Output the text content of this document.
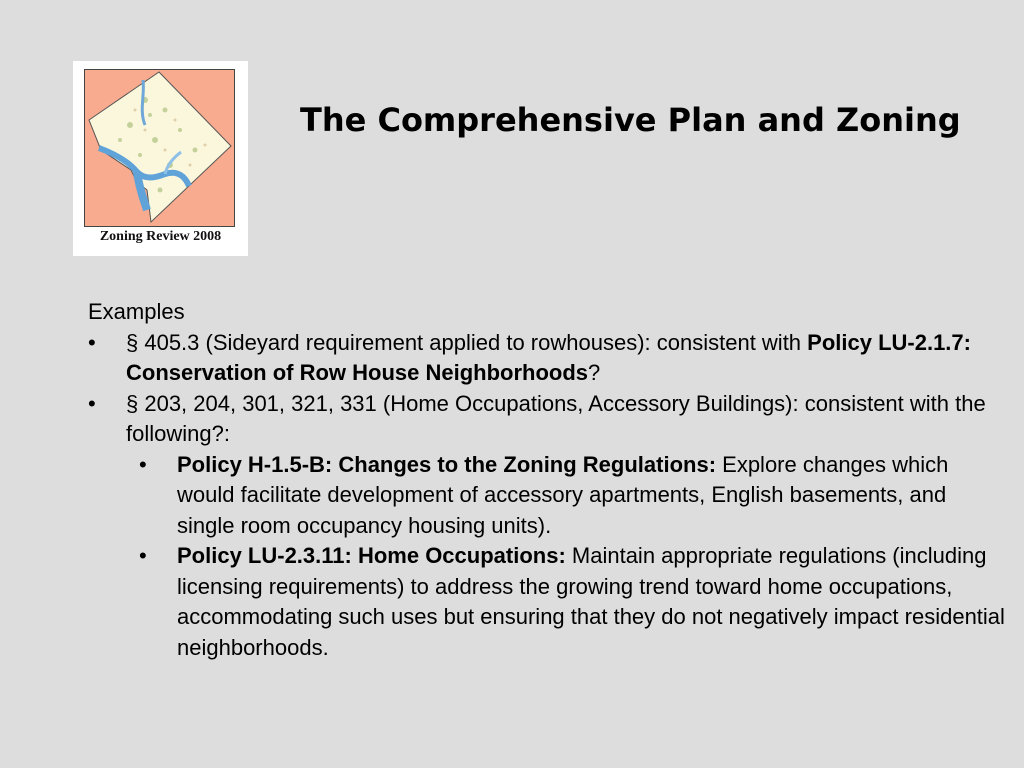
Zoning Review 2008
The Comprehensive Plan and Zoning

Examples

• § 405.3 (Sideyard requirement applied to rowhouses): consistent with Policy LU-2.1.7: Conservation of Row House Neighborhoods?
• § 203, 204, 301, 321, 331 (Home Occupations, Accessory Buildings): consistent with the following?:
• Policy H-1.5-B: Changes to the Zoning Regulations: Explore changes which would facilitate development of accessory apartments, English basements, and single room occupancy housing units).
• Policy LU-2.3.11: Home Occupations: Maintain appropriate regulations (including licensing requirements) to address the growing trend toward home occupations, accommodating such uses but ensuring that they do not negatively impact residential neighborhoods.
